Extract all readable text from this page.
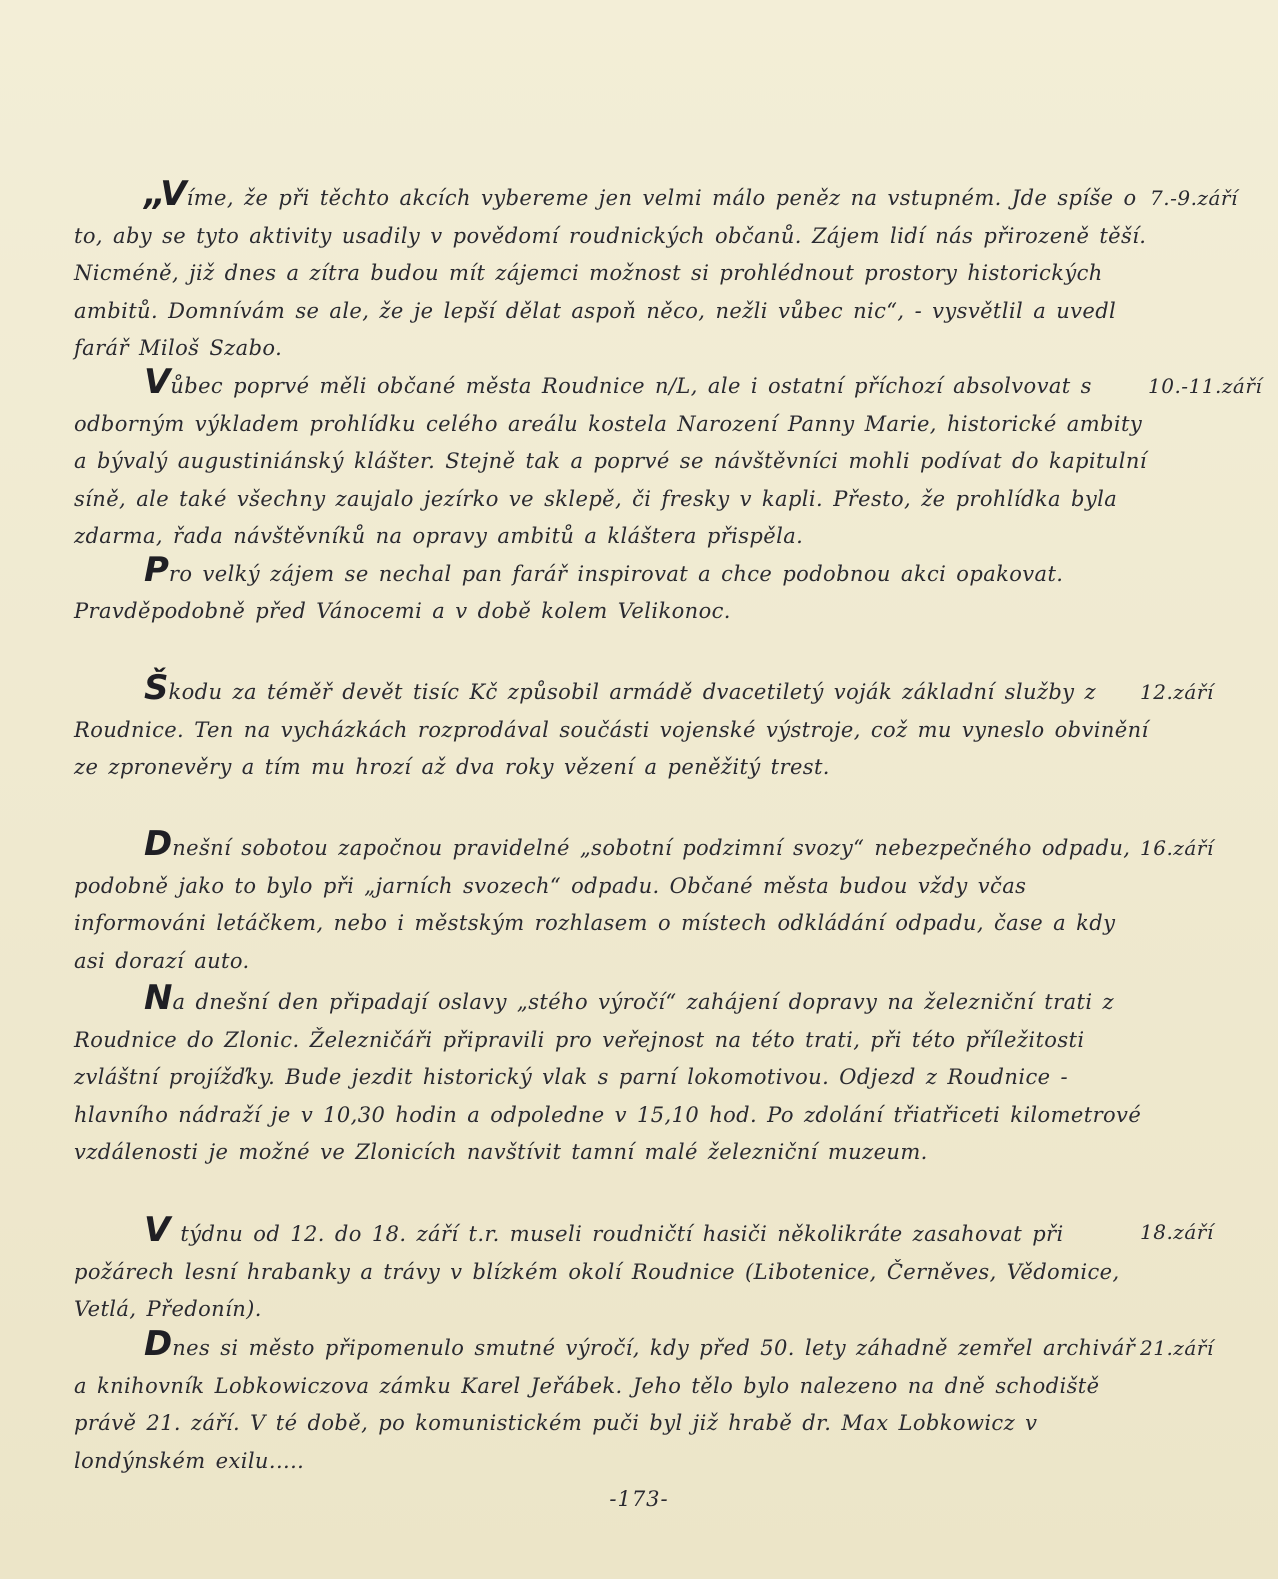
„Víme, že při těchto akcích vybereme jen velmi málo peněz na vstupném. Jde spíše o to, aby se tyto aktivity usadily v povědomí roudnických občanů. Zájem lidí nás přirozeně těší. Nicméně, již dnes a zítra budou mít zájemci možnost si prohlédnout prostory historických ambitů. Domnívám se ale, že je lepší dělat aspoň něco, nežli vůbec nic“, - vysvětlil a uvedl farář Miloš Szabo.

7.-9.září

Vůbec poprvé měli občané města Roudnice n/L, ale i ostatní příchozí absolvovat s odborným výkladem prohlídku celého areálu kostela Narození Panny Marie, historické ambity a bývalý augustiniánský klášter. Stejně tak a poprvé se návštěvníci mohli podívat do kapitulní síně, ale také všechny zaujalo jezírko ve sklepě, či fresky v kapli. Přesto, že prohlídka byla zdarma, řada návštěvníků na opravy ambitů a kláštera přispěla.

Pro velký zájem se nechal pan farář inspirovat a chce podobnou akci opakovat. Pravděpodobně před Vánocemi a v době kolem Velikonoc.

10.-11.září

Škodu za téměř devět tisíc Kč způsobil armádě dvacetiletý voják základní služby z Roudnice. Ten na vycházkách rozprodával součásti vojenské výstroje, což mu vyneslo obvinění ze zpronevěry a tím mu hrozí až dva roky vězení a peněžitý trest.

12.září

Dnešní sobotou započnou pravidelné „sobotní podzimní svozy“ nebezpečného odpadu, podobně jako to bylo při „jarních svozech“ odpadu. Občané města budou vždy včas informováni letáčkem, nebo i městským rozhlasem o místech odkládání odpadu, čase a kdy asi dorazí auto.

16.září

Na dnešní den připadají oslavy „stého výročí“ zahájení dopravy na železniční trati z Roudnice do Zlonic. Železničáři připravili pro veřejnost na této trati, při této příležitosti zvláštní projížďky. Bude jezdit historický vlak s parní lokomotivou. Odjezd z Roudnice - hlavního nádraží je v 10,30 hodin a odpoledne v 15,10 hod. Po zdolání třiatřiceti kilometrové vzdálenosti je možné ve Zlonicích navštívit tamní malé železniční muzeum.

V týdnu od 12. do 18. září t.r. museli roudničtí hasiči několikráte zasahovat při požárech lesní hrabanky a trávy v blízkém okolí Roudnice (Libotenice, Černěves, Vědomice, Vetlá, Předonín).

18.září

Dnes si město připomenulo smutné výročí, kdy před 50. lety záhadně zemřel archivář a knihovník Lobkowiczova zámku Karel Jeřábek. Jeho tělo bylo nalezeno na dně schodiště právě 21. září. V té době, po komunistickém puči byl již hrabě dr. Max Lobkowicz v londýnském exilu.....

21.září
-173-
